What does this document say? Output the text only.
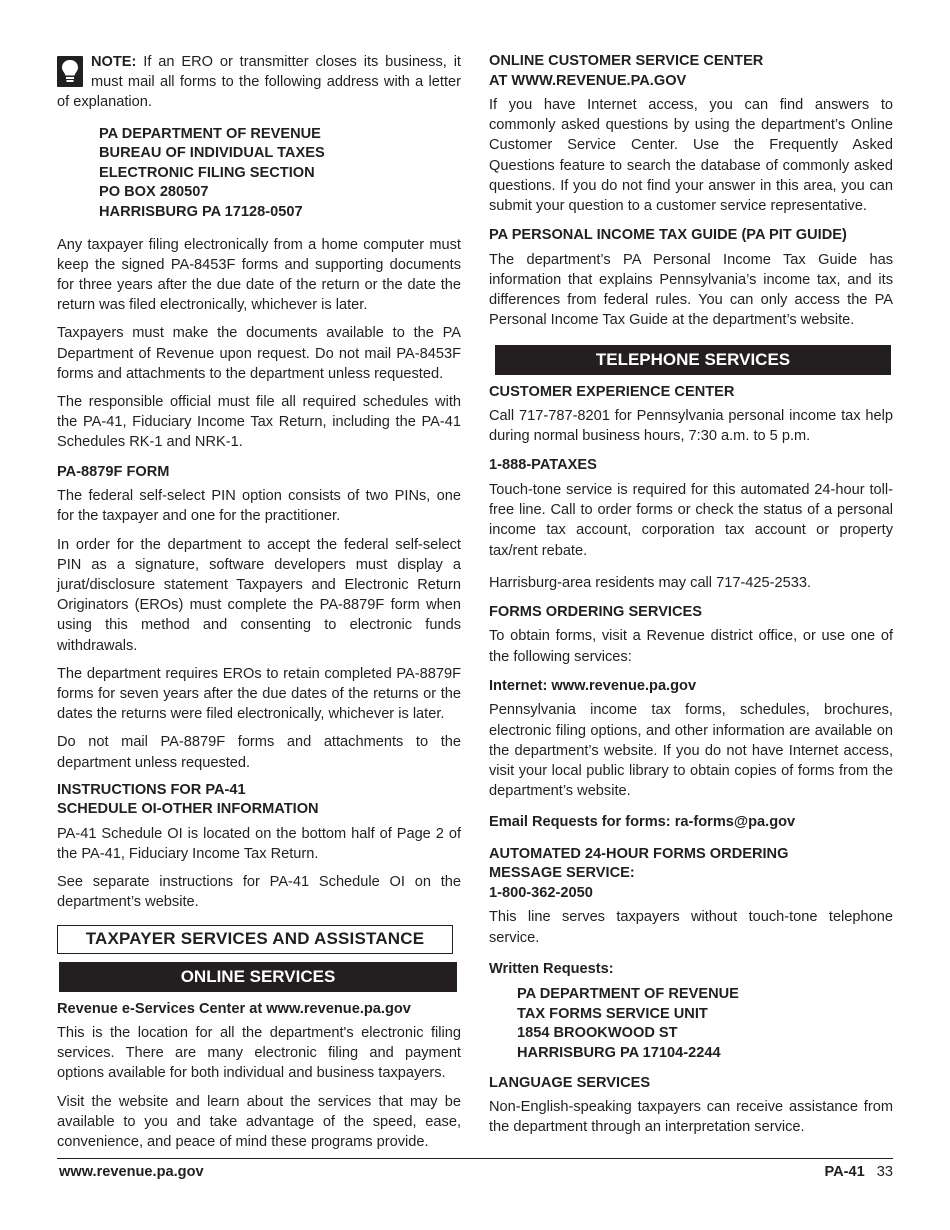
NOTE: If an ERO or transmitter closes its business, it must mail all forms to the following address with a letter of explanation.

PA DEPARTMENT OF REVENUE
BUREAU OF INDIVIDUAL TAXES
ELECTRONIC FILING SECTION
PO BOX 280507
HARRISBURG PA 17128-0507

Any taxpayer filing electronically from a home computer must keep the signed PA-8453F forms and supporting documents for three years after the due date of the return or the date the return was filed electronically, whichever is later.

Taxpayers must make the documents available to the PA Department of Revenue upon request. Do not mail PA-8453F forms and attachments to the department unless requested.

The responsible official must file all required schedules with the PA-41, Fiduciary Income Tax Return, including the PA-41 Schedules RK-1 and NRK-1.

PA-8879F FORM

The federal self-select PIN option consists of two PINs, one for the taxpayer and one for the practitioner.

In order for the department to accept the federal self-select PIN as a signature, software developers must display a jurat/disclosure statement Taxpayers and Electronic Return Originators (EROs) must complete the PA-8879F form when using this method and consenting to electronic funds withdrawals.

The department requires EROs to retain completed PA-8879F forms for seven years after the due dates of the returns or the dates the returns were filed electronically, whichever is later.

Do not mail PA-8879F forms and attachments to the department unless requested.

INSTRUCTIONS FOR PA-41
SCHEDULE OI-OTHER INFORMATION

PA-41 Schedule OI is located on the bottom half of Page 2 of the PA-41, Fiduciary Income Tax Return.

See separate instructions for PA-41 Schedule OI on the department’s website.

TAXPAYER SERVICES AND ASSISTANCE
ONLINE SERVICES
Revenue e-Services Center at www.revenue.pa.gov

This is the location for all the department's electronic filing services. There are many electronic filing and payment options available for both individual and business taxpayers.

Visit the website and learn about the services that may be available to you and take advantage of the speed, ease, convenience, and peace of mind these programs provide.

ONLINE CUSTOMER SERVICE CENTER
AT WWW.REVENUE.PA.GOV

If you have Internet access, you can find answers to commonly asked questions by using the department’s Online Customer Service Center. Use the Frequently Asked Questions feature to search the database of commonly asked questions. If you do not find your answer in this area, you can submit your question to a customer service representative.

PA PERSONAL INCOME TAX GUIDE (PA PIT GUIDE)

The department’s PA Personal Income Tax Guide has information that explains Pennsylvania’s income tax, and its differences from federal rules. You can only access the PA Personal Income Tax Guide at the department’s website.

TELEPHONE SERVICES
CUSTOMER EXPERIENCE CENTER

Call 717-787-8201 for Pennsylvania personal income tax help during normal business hours, 7:30 a.m. to 5 p.m.

1-888-PATAXES

Touch-tone service is required for this automated 24-hour toll-free line. Call to order forms or check the status of a personal income tax account, corporation tax account or property tax/rent rebate.

Harrisburg-area residents may call 717-425-2533.

FORMS ORDERING SERVICES

To obtain forms, visit a Revenue district office, or use one of the following services:

Internet: www.revenue.pa.gov

Pennsylvania income tax forms, schedules, brochures, electronic filing options, and other information are available on the department’s website. If you do not have Internet access, visit your local public library to obtain copies of forms from the department’s website.

Email Requests for forms: ra-forms@pa.gov
AUTOMATED 24-HOUR FORMS ORDERING
MESSAGE SERVICE:
1-800-362-2050

This line serves taxpayers without touch-tone telephone service.

Written Requests:
PA DEPARTMENT OF REVENUE
TAX FORMS SERVICE UNIT
1854 BROOKWOOD ST
HARRISBURG PA 17104-2244
LANGUAGE SERVICES

Non-English-speaking taxpayers can receive assistance from the department through an interpretation service.

www.revenue.pa.gov	PA-41 33
